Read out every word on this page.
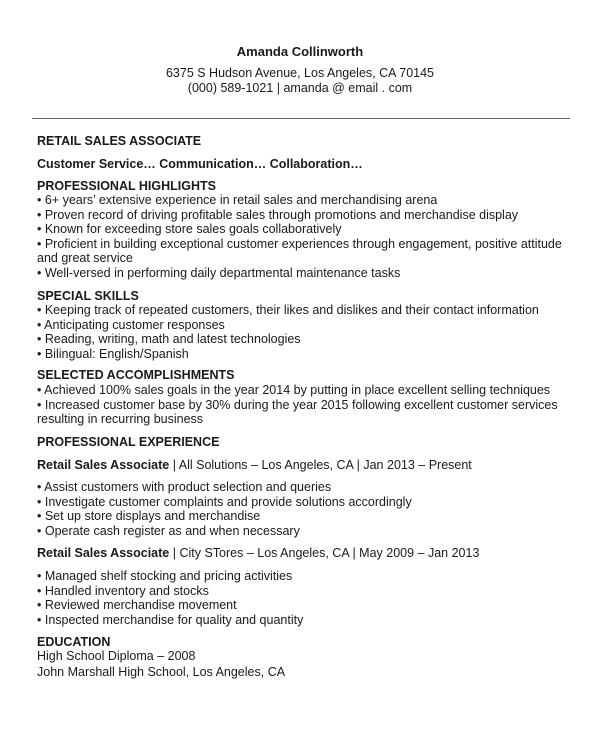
Amanda Collinworth
6375 S Hudson Avenue, Los Angeles, CA 70145
(000) 589-1021 | amanda @ email . com
RETAIL SALES ASSOCIATE
Customer Service… Communication… Collaboration…
PROFESSIONAL HIGHLIGHTS
• 6+ years’ extensive experience in retail sales and merchandising arena
• Proven record of driving profitable sales through promotions and merchandise display
• Known for exceeding store sales goals collaboratively
• Proficient in building exceptional customer experiences through engagement, positive attitude and great service
• Well-versed in performing daily departmental maintenance tasks
SPECIAL SKILLS
• Keeping track of repeated customers, their likes and dislikes and their contact information
• Anticipating customer responses
• Reading, writing, math and latest technologies
• Bilingual: English/Spanish
SELECTED ACCOMPLISHMENTS
• Achieved 100% sales goals in the year 2014 by putting in place excellent selling techniques
• Increased customer base by 30% during the year 2015 following excellent customer services resulting in recurring business
PROFESSIONAL EXPERIENCE
Retail Sales Associate | All Solutions – Los Angeles, CA | Jan 2013 – Present
• Assist customers with product selection and queries
• Investigate customer complaints and provide solutions accordingly
• Set up store displays and merchandise
• Operate cash register as and when necessary
Retail Sales Associate | City STores – Los Angeles, CA | May 2009 – Jan 2013
• Managed shelf stocking and pricing activities
• Handled inventory and stocks
• Reviewed merchandise movement
• Inspected merchandise for quality and quantity
EDUCATION
High School Diploma – 2008
John Marshall High School, Los Angeles, CA
